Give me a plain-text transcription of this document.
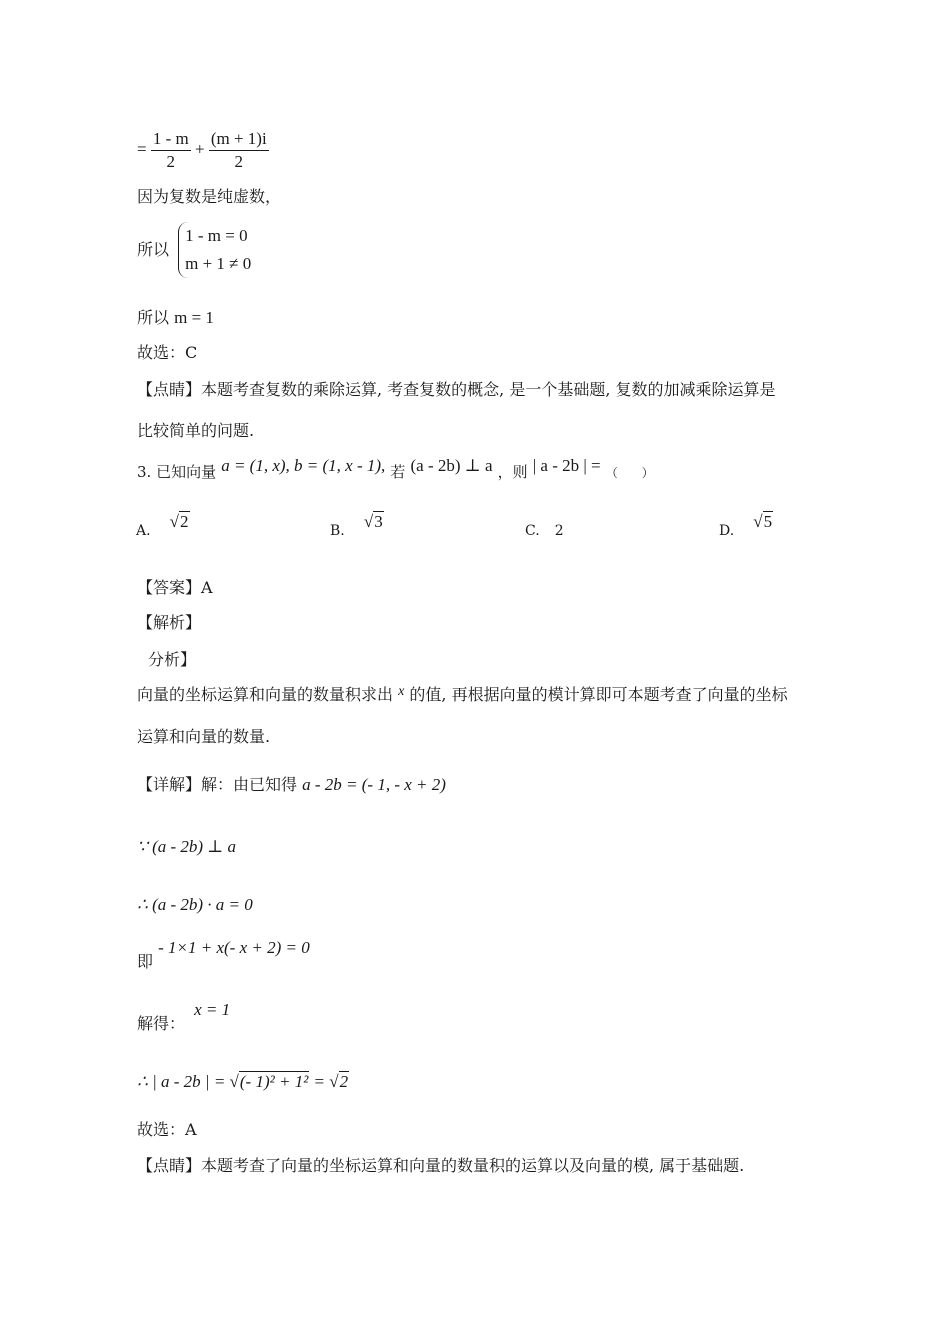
= $\frac{1 - m}{2} + \frac{(m + 1)i}{2}$
因为复数是纯虚数，
所以
1 - m = 0
m + 1 ≠ 0
所以 m = 1
故选：C
【点睛】本题考查复数的乘除运算, 考查复数的概念, 是一个基础题, 复数的加减乘除运算是
比较简单的问题.
3. 已知向量 a = (1, x), b = (1, x - 1), 若 (a - 2b) ⊥ a ，则 | a - 2b | = （　　）
A. √2	B. √3	C. 2	D. √5
【答案】A
【解析】
分析】
向量的坐标运算和向量的数量积求出 x 的值, 再根据向量的模计算即可本题考查了向量的坐标
运算和向量的数量.
【详解】解：由已知得 a - 2b = (- 1, - x + 2)
∵ (a - 2b) ⊥ a
∴ (a - 2b) · a = 0
即 - 1×1 + x(- x + 2) = 0
解得： x = 1
∴ | a - 2b | = √(- 1)² + 1² = √2
故选：A
【点睛】本题考查了向量的坐标运算和向量的数量积的运算以及向量的模, 属于基础题.
